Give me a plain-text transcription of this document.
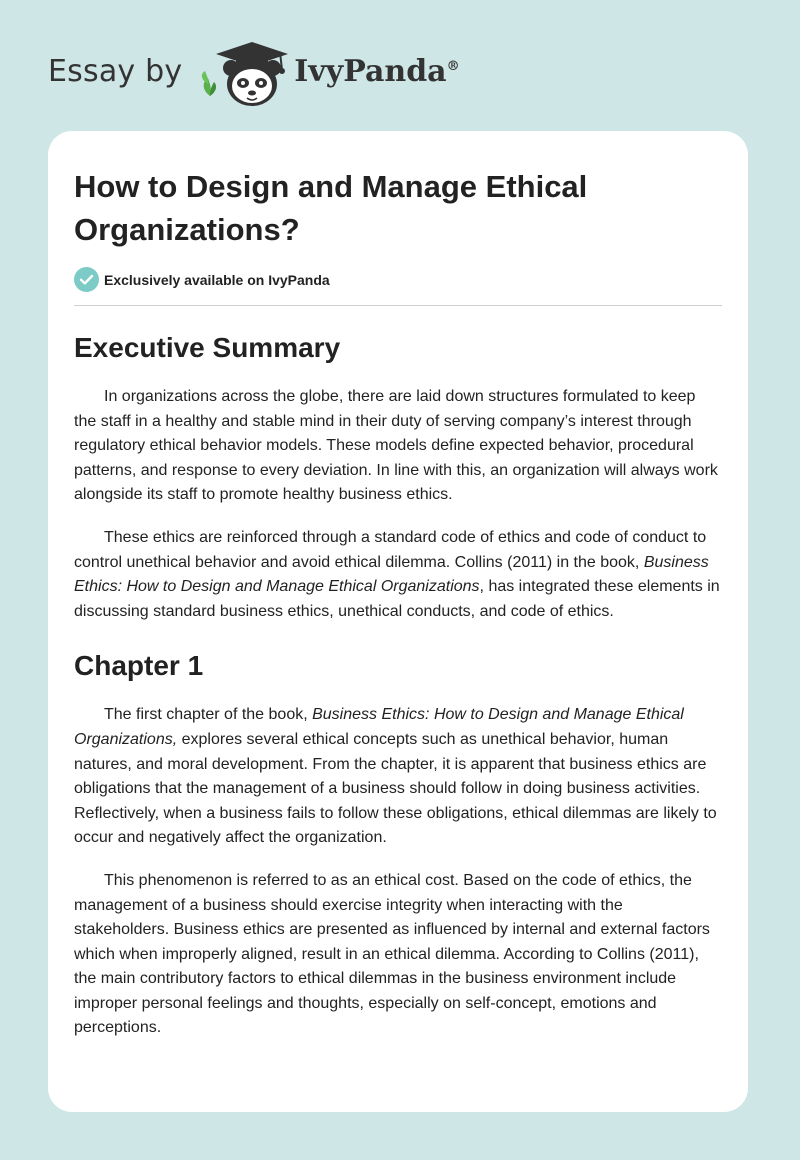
Essay by	IvyPanda®
How to Design and Manage Ethical Organizations?
Exclusively available on IvyPanda
Executive Summary

In organizations across the globe, there are laid down structures formulated to keep the staff in a healthy and stable mind in their duty of serving company’s interest through regulatory ethical behavior models. These models define expected behavior, procedural patterns, and response to every deviation. In line with this, an organization will always work alongside its staff to promote healthy business ethics.

These ethics are reinforced through a standard code of ethics and code of conduct to control unethical behavior and avoid ethical dilemma. Collins (2011) in the book, Business Ethics: How to Design and Manage Ethical Organizations, has integrated these elements in discussing standard business ethics, unethical conducts, and code of ethics.

Chapter 1

The first chapter of the book, Business Ethics: How to Design and Manage Ethical Organizations, explores several ethical concepts such as unethical behavior, human natures, and moral development. From the chapter, it is apparent that business ethics are obligations that the management of a business should follow in doing business activities. Reflectively, when a business fails to follow these obligations, ethical dilemmas are likely to occur and negatively affect the organization.

This phenomenon is referred to as an ethical cost. Based on the code of ethics, the management of a business should exercise integrity when interacting with the stakeholders. Business ethics are presented as influenced by internal and external factors which when improperly aligned, result in an ethical dilemma. According to Collins (2011), the main contributory factors to ethical dilemmas in the business environment include improper personal feelings and thoughts, especially on self-concept, emotions and perceptions.
